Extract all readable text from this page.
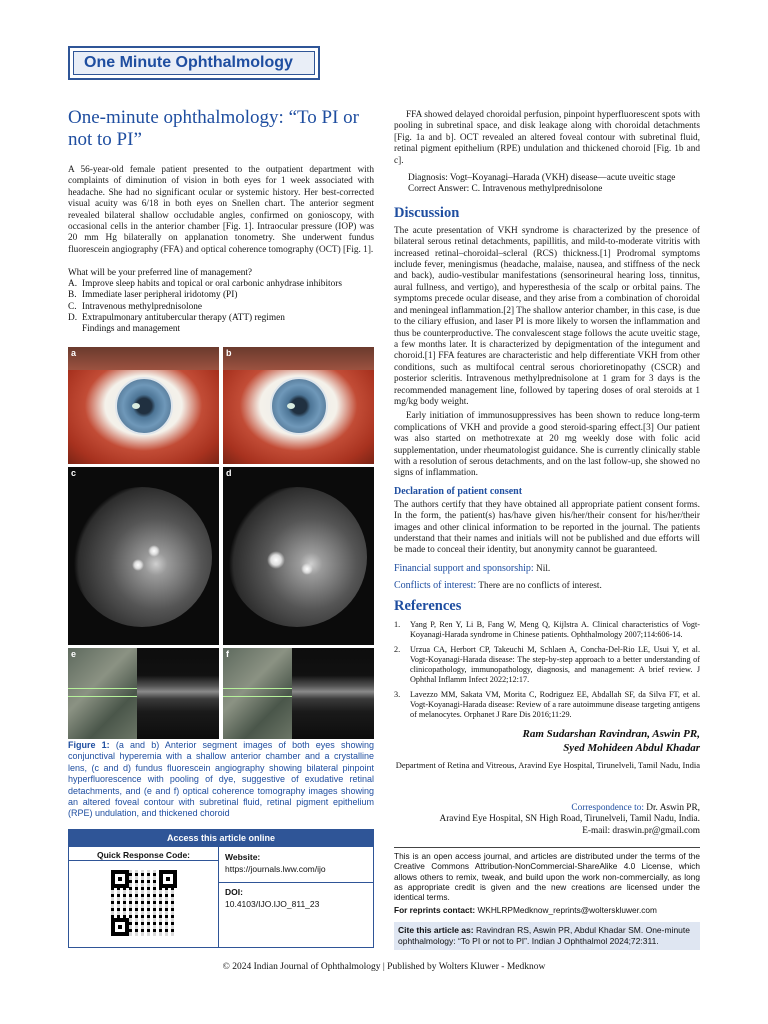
One Minute Ophthalmology
One-minute ophthalmology: “To PI or not to PI”

A 56-year-old female patient presented to the outpatient department with complaints of diminution of vision in both eyes for 1 week associated with headache. She had no significant ocular or systemic history. Her best-corrected visual acuity was 6/18 in both eyes on Snellen chart. The anterior segment revealed bilateral shallow occludable angles, confirmed on gonioscopy, with occasional cells in the anterior chamber [Fig. 1]. Intraocular pressure (IOP) was 20 mm Hg bilaterally on applanation tonometry. She underwent fundus fluorescein angiography (FFA) and optical coherence tomography (OCT) [Fig. 1].

What will be your preferred line of management?

A. Improve sleep habits and topical or oral carbonic anhydrase inhibitors
B. Immediate laser peripheral iridotomy (PI)
C. Intravenous methylprednisolone
D. Extrapulmonary antitubercular therapy (ATT) regimen
Findings and management
a	b
c	d
e	f
Figure 1: (a and b) Anterior segment images of both eyes showing conjunctival hyperemia with a shallow anterior chamber and a crystalline lens, (c and d) fundus fluorescein angiography showing bilateral pinpoint hyperfluorescence with pooling of dye, suggestive of exudative retinal detachments, and (e and f) optical coherence tomography images showing an altered foveal contour with subretinal fluid, retinal pigment epithelium (RPE) undulation, and thickened choroid
Access this article online
Quick Response Code:	Website:
https://journals.lww.com/ijo
DOI:
10.4103/IJO.IJO_811_23

FFA showed delayed choroidal perfusion, pinpoint hyperfluorescent spots with pooling in subretinal space, and disk leakage along with choroidal detachments [Fig. 1a and b]. OCT revealed an altered foveal contour with subretinal fluid, retinal pigment epithelium (RPE) undulation and thickened choroid [Fig. 1b and c].

Diagnosis: Vogt–Koyanagi–Harada (VKH) disease—acute uveitic stage

Correct Answer: C. Intravenous methylprednisolone

Discussion

The acute presentation of VKH syndrome is characterized by the presence of bilateral serous retinal detachments, papillitis, and mild-to-moderate vitritis with increased retinal–choroidal–scleral (RCS) thickness.[1] Prodromal symptoms include fever, meningismus (headache, malaise, nausea, and stiffness of the neck and back), audio-vestibular manifestations (sensorineural hearing loss, tinnitus, aural fullness, and vertigo), and hyperesthesia of the scalp or orbital pains. The symptoms precede ocular disease, and they arise from a combination of choroidal and meningeal inflammation.[2] The shallow anterior chamber, in this case, is due to the ciliary effusion, and laser PI is more likely to worsen the inflammation and thus be counterproductive. The convalescent stage follows the acute uveitic stage, a few months later. It is characterized by depigmentation of the integument and choroid.[1] FFA features are characteristic and help differentiate VKH from other conditions, such as multifocal central serous chorioretinopathy (CSCR) and posterior scleritis. Intravenous methylprednisolone at 1 gram for 3 days is the recommended management line, followed by tapering doses of oral steroids at 1 mg/kg body weight.

Early initiation of immunosuppressives has been shown to reduce long-term complications of VKH and provide a good steroid-sparing effect.[3] Our patient was also started on methotrexate at 20 mg weekly dose with folic acid supplementation, under rheumatologist guidance. She is currently clinically stable with a resolution of serous detachments, and on the last follow-up, she showed no signs of inflammation.

Declaration of patient consent

The authors certify that they have obtained all appropriate patient consent forms. In the form, the patient(s) has/have given his/her/their consent for his/her/their images and other clinical information to be reported in the journal. The patients understand that their names and initials will not be published and due efforts will be made to conceal their identity, but anonymity cannot be guaranteed.

Financial support and sponsorship: Nil.

Conflicts of interest: There are no conflicts of interest.

References
1.	Yang P, Ren Y, Li B, Fang W, Meng Q, Kijlstra A. Clinical characteristics of Vogt-Koyanagi-Harada syndrome in Chinese patients. Ophthalmology 2007;114:606-14.
2.	Urzua CA, Herbort CP, Takeuchi M, Schlaen A, Concha-Del-Rio LE, Usui Y, et al. Vogt-Koyanagi-Harada disease: The step-by-step approach to a better understanding of clinicopathology, immunopathology, diagnosis, and management: A brief review. J Ophthal Inflamm Infect 2022;12:17.
3.	Lavezzo MM, Sakata VM, Morita C, Rodriguez EE, Abdallah SF, da Silva FT, et al. Vogt-Koyanagi-Harada disease: Review of a rare autoimmune disease targeting antigens of melanocytes. Orphanet J Rare Dis 2016;11:29.
Ram Sudarshan Ravindran, Aswin PR,
Syed Mohideen Abdul Khadar
Department of Retina and Vitreous, Aravind Eye Hospital, Tirunelveli, Tamil Nadu, India
Correspondence to: Dr. Aswin PR,
Aravind Eye Hospital, SN High Road, Tirunelveli, Tamil Nadu, India.
E-mail: draswin.pr@gmail.com
This is an open access journal, and articles are distributed under the terms of the Creative Commons Attribution-NonCommercial-ShareAlike 4.0 License, which allows others to remix, tweak, and build upon the work non-commercially, as long as appropriate credit is given and the new creations are licensed under the identical terms.
For reprints contact: WKHLRPMedknow_reprints@wolterskluwer.com
Cite this article as: Ravindran RS, Aswin PR, Abdul Khadar SM. One-minute ophthalmology: “To PI or not to PI”. Indian J Ophthalmol 2024;72:311.
© 2024 Indian Journal of Ophthalmology | Published by Wolters Kluwer - Medknow
